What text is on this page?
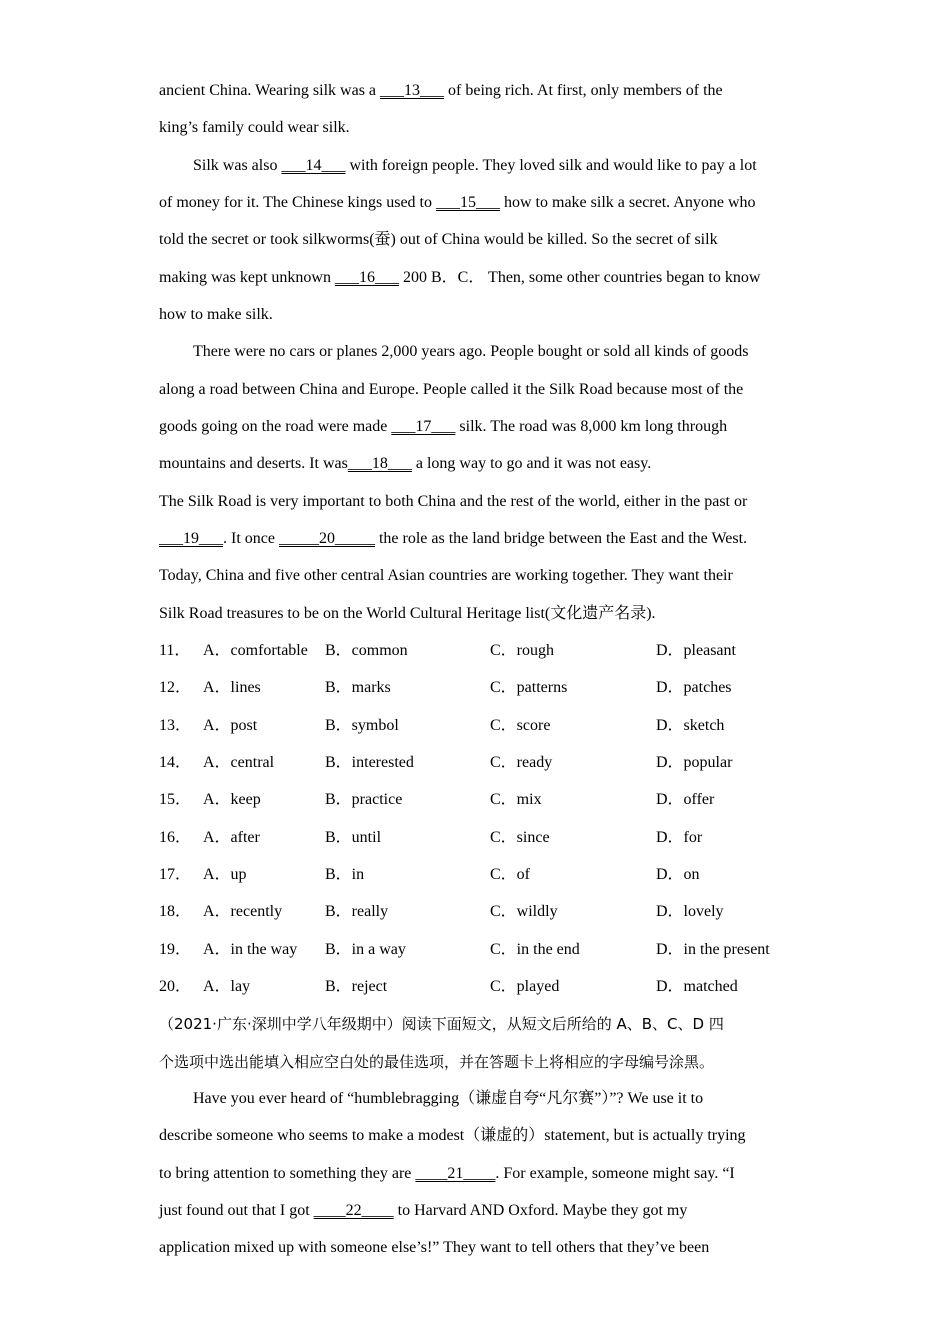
ancient China. Wearing silk was a ___13___ of being rich. At first, only members of the
king’s family could wear silk.
Silk was also ___14___ with foreign people. They loved silk and would like to pay a lot
of money for it. The Chinese kings used to ___15___ how to make silk a secret. Anyone who
told the secret or took silkworms(蚕) out of China would be killed. So the secret of silk
making was kept unknown ___16___ 200 B．C． Then, some other countries began to know
how to make silk.
There were no cars or planes 2,000 years ago. People bought or sold all kinds of goods
along a road between China and Europe. People called it the Silk Road because most of the
goods going on the road were made ___17___ silk. The road was 8,000 km long through
mountains and deserts. It was___18___ a long way to go and it was not easy.
The Silk Road is very important to both China and the rest of the world, either in the past or
___19___. It once _____20_____ the role as the land bridge between the East and the West.
Today, China and five other central Asian countries are working together. They want their
Silk Road treasures to be on the World Cultural Heritage list(文化遗产名录).
11． A．comfortable B．common	C．rough	D．pleasant
12． A．lines	B．marks	C．patterns	D．patches
13． A．post	B．symbol	C．score	D．sketch
14． A．central	B．interested	C．ready	D．popular
15． A．keep	B．practice	C．mix	D．offer
16． A．after	B．until	C．since	D．for
17． A．up	B．in	C．of	D．on
18． A．recently	B．really	C．wildly	D．lovely
19． A．in the way B．in a way	C．in the end	D．in the present
20． A．lay	B．reject	C．played	D．matched
（2021·广东·深圳中学八年级期中）阅读下面短文，从短文后所给的 A、B、C、D 四
个选项中选出能填入相应空白处的最佳选项，并在答题卡上将相应的字母编号涂黑。
Have you ever heard of “humblebragging（谦虚自夸“凡尔赛”）”? We use it to
describe someone who seems to make a modest（谦虚的）statement, but is actually trying
to bring attention to something they are ____21____. For example, someone might say. “I
just found out that I got ____22____ to Harvard AND Oxford. Maybe they got my
application mixed up with someone else’s!” They want to tell others that they’ve been
